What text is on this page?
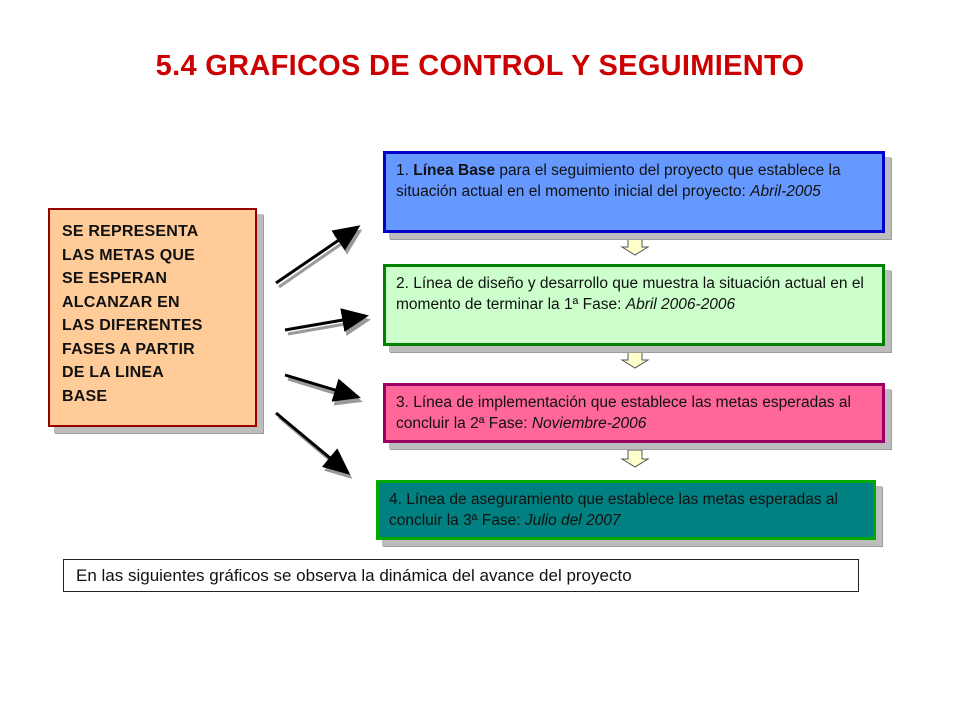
5.4 GRAFICOS DE CONTROL Y SEGUIMIENTO
SE REPRESENTA
LAS METAS QUE
SE ESPERAN
ALCANZAR EN
LAS DIFERENTES
FASES A PARTIR
DE LA LINEA
BASE
1. Línea Base para el seguimiento del proyecto que establece la situación actual en el momento inicial del proyecto: Abril-2005
2. Línea de diseño y desarrollo que muestra la situación actual en el momento de terminar la 1ª Fase: Abril 2006-2006
3. Línea de implementación que establece las metas esperadas al concluir la 2ª Fase: Noviembre-2006
4. Línea de aseguramiento que establece las metas esperadas al concluir la 3ª Fase: Julio del 2007
En las siguientes gráficos se observa la dinámica del avance del proyecto
